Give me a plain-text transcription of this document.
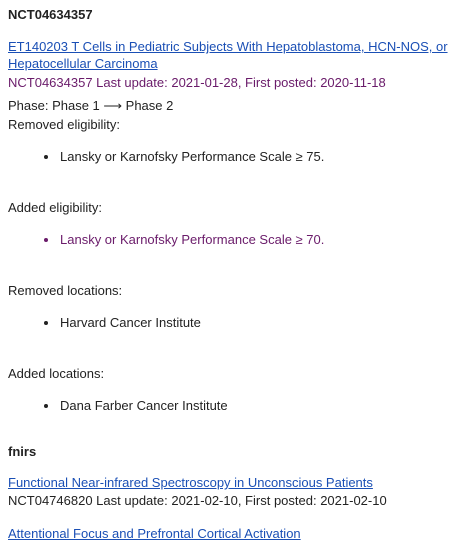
NCT04634357
ET140203 T Cells in Pediatric Subjects With Hepatoblastoma, HCN-NOS, or
Hepatocellular Carcinoma
NCT04634357 Last update: 2021-01-28, First posted: 2020-11-18
Phase: Phase 1 ⟶ Phase 2
Removed eligibility:
Lansky or Karnofsky Performance Scale ≥ 75.
Added eligibility:
Lansky or Karnofsky Performance Scale ≥ 70.
Removed locations:
Harvard Cancer Institute
Added locations:
Dana Farber Cancer Institute
fnirs
Functional Near-infrared Spectroscopy in Unconscious Patients
NCT04746820 Last update: 2021-02-10, First posted: 2021-02-10
Attentional Focus and Prefrontal Cortical Activation
